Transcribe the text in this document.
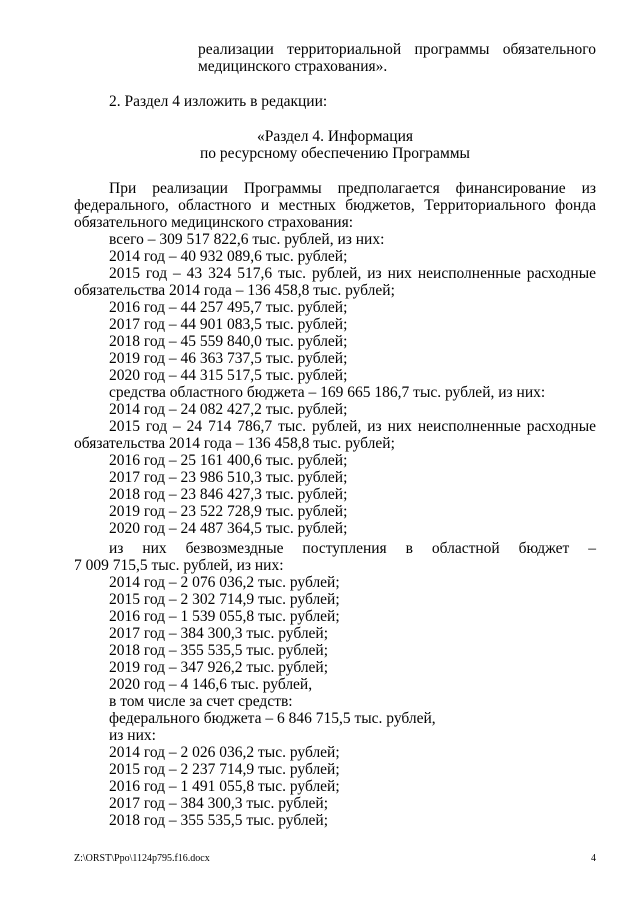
реализации территориальной программы обязательного
медицинского страхования».
2. Раздел 4 изложить в редакции:
«Раздел 4. Информация
по ресурсному обеспечению Программы
При реализации Программы предполагается финансирование из
федерального, областного и местных бюджетов, Территориального фонда
обязательного медицинского страхования:
всего – 309 517 822,6 тыс. рублей, из них:
2014 год – 40 932 089,6 тыс. рублей;
2015 год – 43 324 517,6 тыс. рублей, из них неисполненные расходные
обязательства 2014 года – 136 458,8 тыс. рублей;
2016 год – 44 257 495,7 тыс. рублей;
2017 год – 44 901 083,5 тыс. рублей;
2018 год – 45 559 840,0 тыс. рублей;
2019 год – 46 363 737,5 тыс. рублей;
2020 год – 44 315 517,5 тыс. рублей;
средства областного бюджета – 169 665 186,7 тыс. рублей, из них:
2014 год – 24 082 427,2 тыс. рублей;
2015 год – 24 714 786,7 тыс. рублей, из них неисполненные расходные
обязательства 2014 года – 136 458,8 тыс. рублей;
2016 год – 25 161 400,6 тыс. рублей;
2017 год – 23 986 510,3 тыс. рублей;
2018 год – 23 846 427,3 тыс. рублей;
2019 год – 23 522 728,9 тыс. рублей;
2020 год – 24 487 364,5 тыс. рублей;
из них безвозмездные поступления в областной бюджет –
7 009 715,5 тыс. рублей, из них:
2014 год – 2 076 036,2 тыс. рублей;
2015 год – 2 302 714,9 тыс. рублей;
2016 год – 1 539 055,8 тыс. рублей;
2017 год – 384 300,3 тыс. рублей;
2018 год – 355 535,5 тыс. рублей;
2019 год – 347 926,2 тыс. рублей;
2020 год – 4 146,6 тыс. рублей,
в том числе за счет средств:
федерального бюджета – 6 846 715,5 тыс. рублей,
из них:
2014 год – 2 026 036,2 тыс. рублей;
2015 год – 2 237 714,9 тыс. рублей;
2016 год – 1 491 055,8 тыс. рублей;
2017 год – 384 300,3 тыс. рублей;
2018 год – 355 535,5 тыс. рублей;
Z:\ORST\Ppo\1124p795.f16.docx	4
